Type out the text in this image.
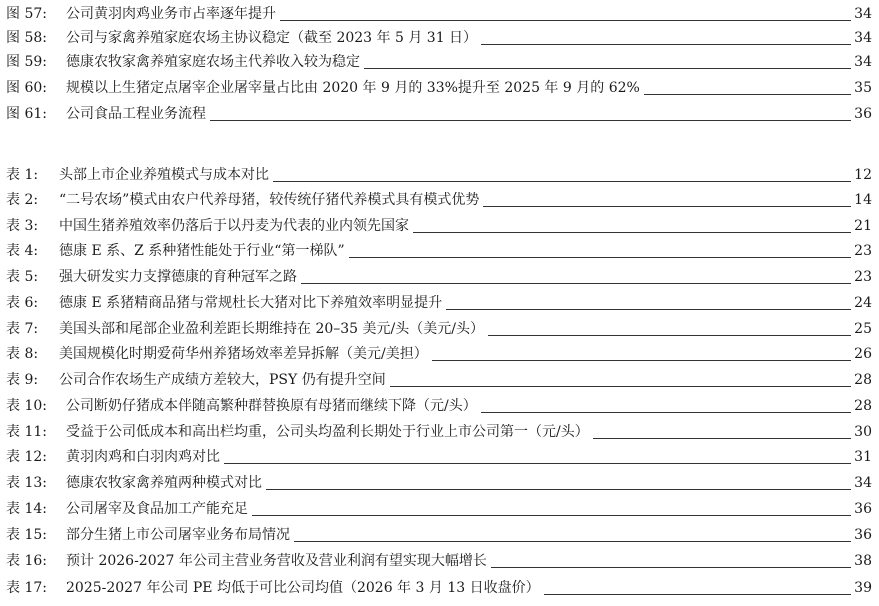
图 57:	公司黄羽肉鸡业务市占率逐年提升	34
图 58:	公司与家禽养殖家庭农场主协议稳定（截至 2023 年 5 月 31 日）	34
图 59:	德康农牧家禽养殖家庭农场主代养收入较为稳定	34
图 60:	规模以上生猪定点屠宰企业屠宰量占比由 2020 年 9 月的 33%提升至 2025 年 9 月的 62%	35
图 61:	公司食品工程业务流程	36
表 1:	头部上市企业养殖模式与成本对比	12
表 2:	“二号农场”模式由农户代养母猪，较传统仔猪代养模式具有模式优势	14
表 3:	中国生猪养殖效率仍落后于以丹麦为代表的业内领先国家	21
表 4:	德康 E 系、Z 系种猪性能处于行业“第一梯队”	23
表 5:	强大研发实力支撑德康的育种冠军之路	23
表 6:	德康 E 系猪精商品猪与常规杜长大猪对比下养殖效率明显提升	24
表 7:	美国头部和尾部企业盈利差距长期维持在 20–35 美元/头（美元/头）	25
表 8:	美国规模化时期爱荷华州养猪场效率差异拆解（美元/美担）	26
表 9:	公司合作农场生产成绩方差较大，PSY 仍有提升空间	28
表 10:	公司断奶仔猪成本伴随高繁种群替换原有母猪而继续下降（元/头）	28
表 11:	受益于公司低成本和高出栏均重，公司头均盈利长期处于行业上市公司第一（元/头）	30
表 12:	黄羽肉鸡和白羽肉鸡对比	31
表 13:	德康农牧家禽养殖两种模式对比	34
表 14:	公司屠宰及食品加工产能充足	36
表 15:	部分生猪上市公司屠宰业务布局情况	36
表 16:	预计 2026-2027 年公司主营业务营收及营业利润有望实现大幅增长	38
表 17:	2025-2027 年公司 PE 均低于可比公司均值（2026 年 3 月 13 日收盘价）	39
